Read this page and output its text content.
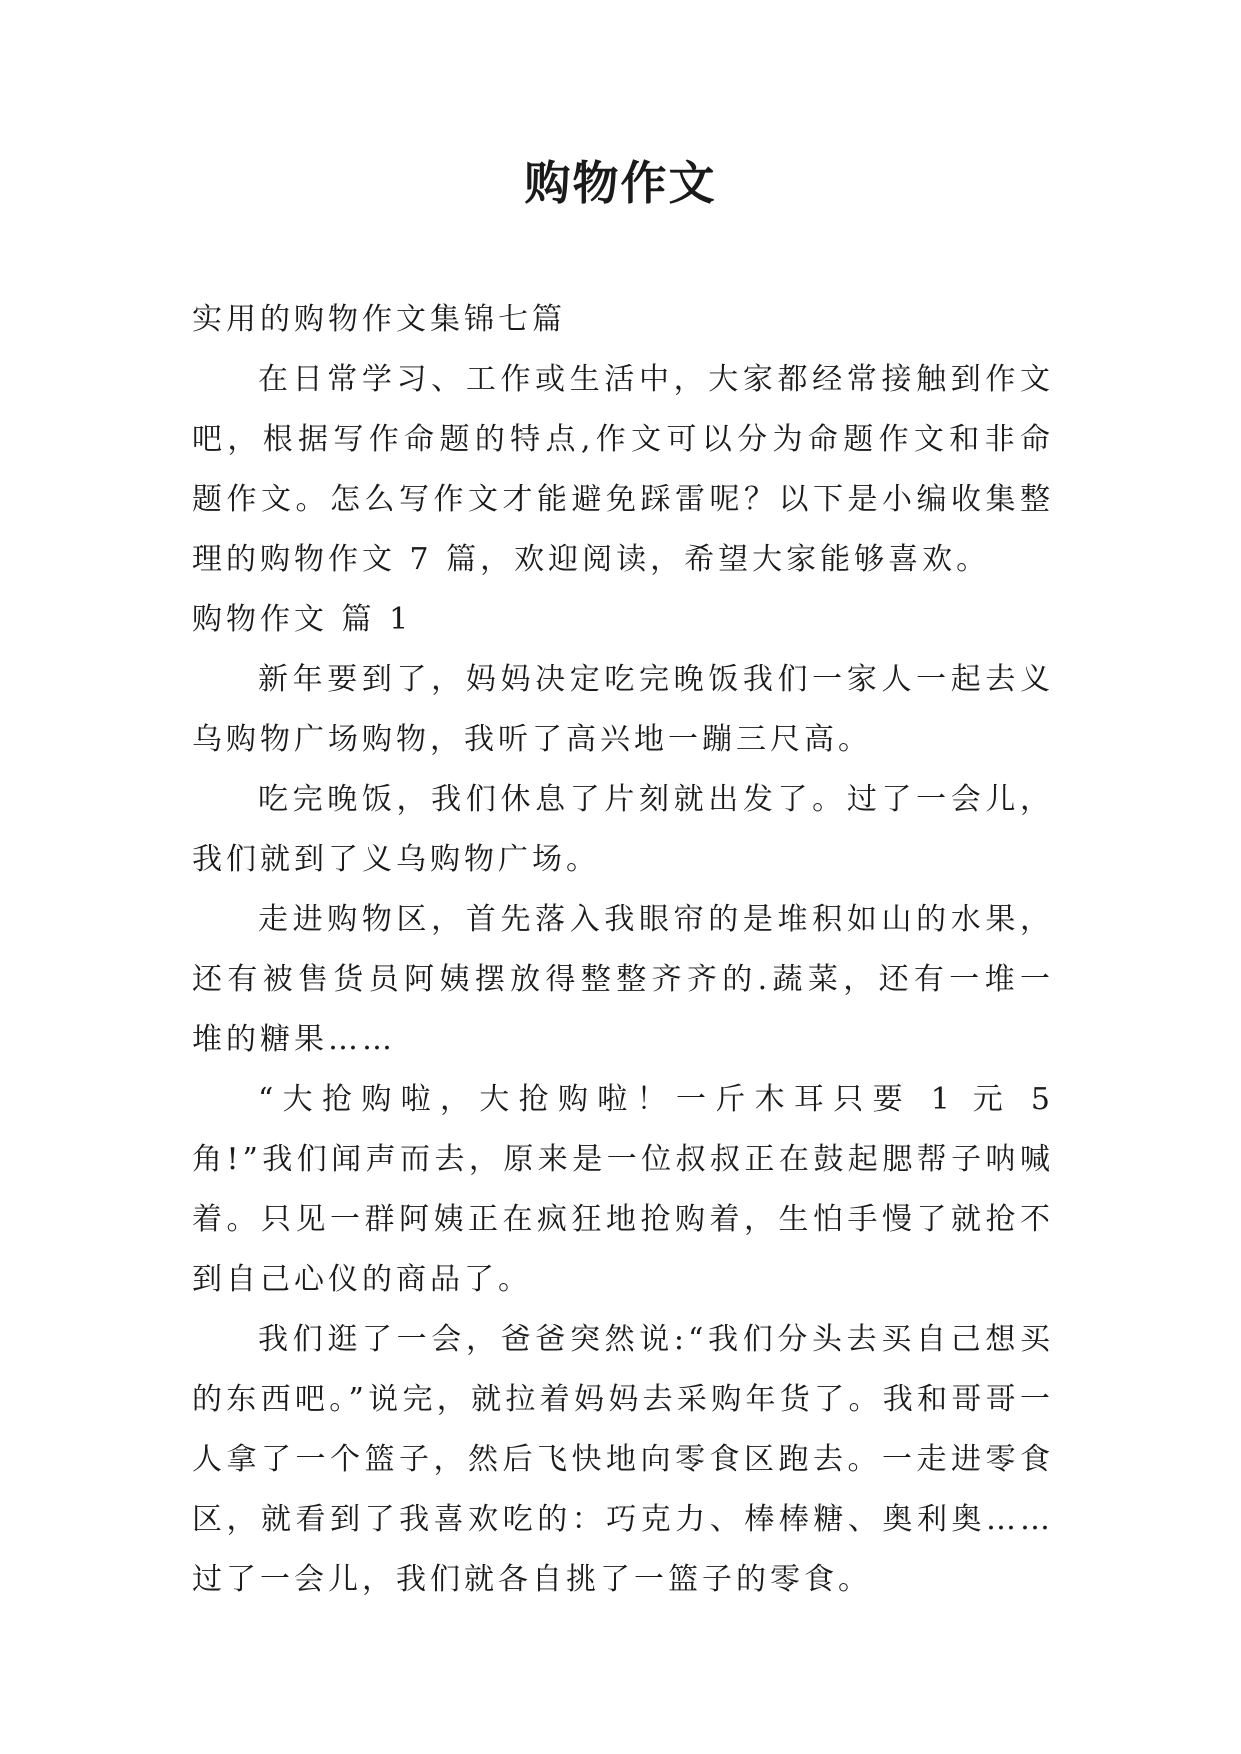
购物作文

实用的购物作文集锦七篇

在日常学习、工作或生活中，大家都经常接触到作文吧，根据写作命题的特点,作文可以分为命题作文和非命题作文。怎么写作文才能避免踩雷呢？以下是小编收集整理的购物作文 7 篇，欢迎阅读，希望大家能够喜欢。

购物作文 篇 1

新年要到了，妈妈决定吃完晚饭我们一家人一起去义乌购物广场购物，我听了高兴地一蹦三尺高。

吃完晚饭，我们休息了片刻就出发了。过了一会儿，我们就到了义乌购物广场。

走进购物区，首先落入我眼帘的是堆积如山的水果，还有被售货员阿姨摆放得整整齐齐的.蔬菜，还有一堆一堆的糖果……

“大抢购啦，大抢购啦！一斤木耳只要 1 元 5 角!”我们闻声而去，原来是一位叔叔正在鼓起腮帮子呐喊着。只见一群阿姨正在疯狂地抢购着，生怕手慢了就抢不到自己心仪的商品了。

我们逛了一会，爸爸突然说:“我们分头去买自己想买的东西吧。”说完，就拉着妈妈去采购年货了。我和哥哥一人拿了一个篮子，然后飞快地向零食区跑去。一走进零食区，就看到了我喜欢吃的：巧克力、棒棒糖、奥利奥……过了一会儿，我们就各自挑了一篮子的零食。
